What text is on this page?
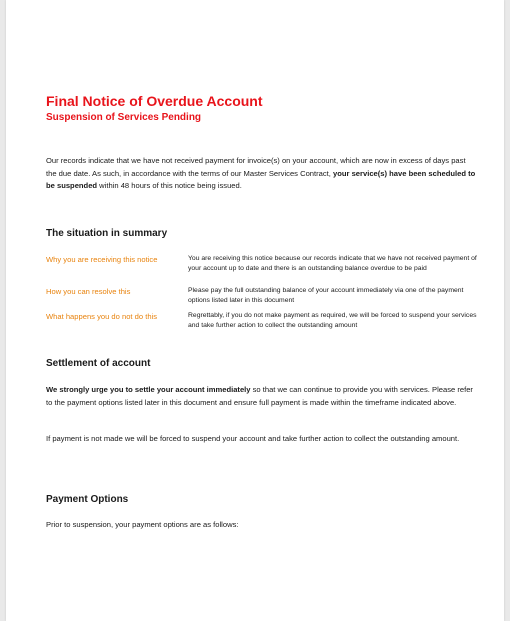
Final Notice of Overdue Account
Suspension of Services Pending

Our records indicate that we have not received payment for invoice(s) on your account, which are now in excess of days past the due date. As such, in accordance with the terms of our Master Services Contract, your service(s) have been scheduled to be suspended within 48 hours of this notice being issued.

The situation in summary

Why you are receiving this notice	You are receiving this notice because our records indicate that we have not received payment of your account up to date and there is an outstanding balance overdue to be paid

How you can resolve this	Please pay the full outstanding balance of your account immediately via one of the payment options listed later in this document

What happens you do not do this	Regrettably, if you do not make payment as required, we will be forced to suspend your services and take further action to collect the outstanding amount

Settlement of account

We strongly urge you to settle your account immediately so that we can continue to provide you with services. Please refer to the payment options listed later in this document and ensure full payment is made within the timeframe indicated above.

If payment is not made we will be forced to suspend your account and take further action to collect the outstanding amount.

Payment Options

Prior to suspension, your payment options are as follows:
